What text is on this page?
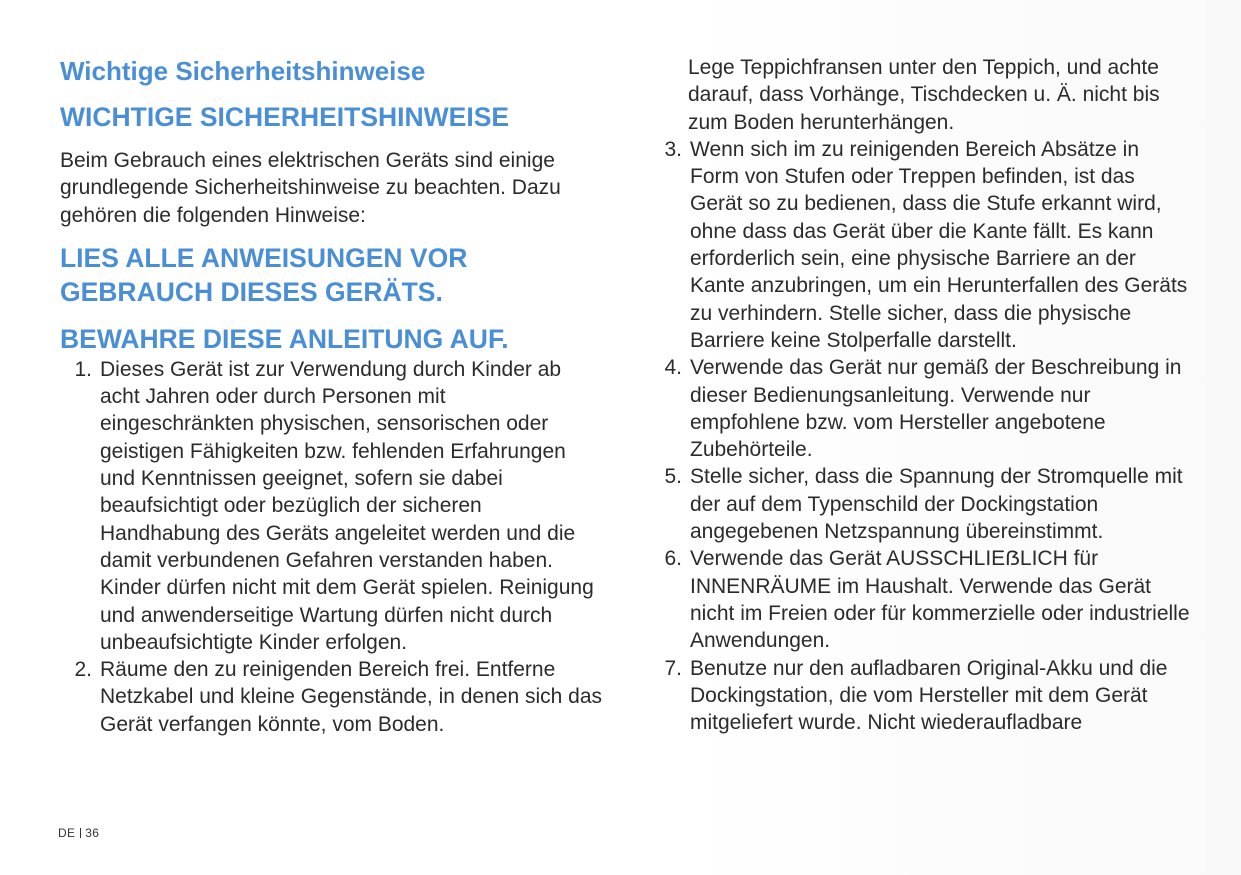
Wichtige Sicherheitshinweise
WICHTIGE SICHERHEITSHINWEISE

Beim Gebrauch eines elektrischen Geräts sind einige grundlegende Sicherheitshinweise zu beachten. Dazu gehören die folgenden Hinweise:

LIES ALLE ANWEISUNGEN VOR GEBRAUCH DIESES GERÄTS.
BEWAHRE DIESE ANLEITUNG AUF.
1. Dieses Gerät ist zur Verwendung durch Kinder ab acht Jahren oder durch Personen mit eingeschränkten physischen, sensorischen oder geistigen Fähigkeiten bzw. fehlenden Erfahrungen und Kenntnissen geeignet, sofern sie dabei beaufsichtigt oder bezüglich der sicheren Handhabung des Geräts angeleitet werden und die damit verbundenen Gefahren verstanden haben. Kinder dürfen nicht mit dem Gerät spielen. Reinigung und anwenderseitige Wartung dürfen nicht durch unbeaufsichtigte Kinder erfolgen.
2. Räume den zu reinigenden Bereich frei. Entferne Netzkabel und kleine Gegenstände, in denen sich das Gerät verfangen könnte, vom Boden.

Lege Teppichfransen unter den Teppich, und achte darauf, dass Vorhänge, Tischdecken u. Ä. nicht bis zum Boden herunterhängen.

3. Wenn sich im zu reinigenden Bereich Absätze in Form von Stufen oder Treppen befinden, ist das Gerät so zu bedienen, dass die Stufe erkannt wird, ohne dass das Gerät über die Kante fällt. Es kann erforderlich sein, eine physische Barriere an der Kante anzubringen, um ein Herunterfallen des Geräts zu verhindern. Stelle sicher, dass die physische Barriere keine Stolperfalle darstellt.
4. Verwende das Gerät nur gemäß der Beschreibung in dieser Bedienungsanleitung. Verwende nur empfohlene bzw. vom Hersteller angebotene Zubehörteile.
5. Stelle sicher, dass die Spannung der Stromquelle mit der auf dem Typenschild der Dockingstation angegebenen Netzspannung übereinstimmt.
6. Verwende das Gerät AUSSCHLIEẞLICH für INNENRÄUME im Haushalt. Verwende das Gerät nicht im Freien oder für kommerzielle oder industrielle Anwendungen.
7. Benutze nur den aufladbaren Original-Akku und die Dockingstation, die vom Hersteller mit dem Gerät mitgeliefert wurde. Nicht wiederaufladbare
DE 36
